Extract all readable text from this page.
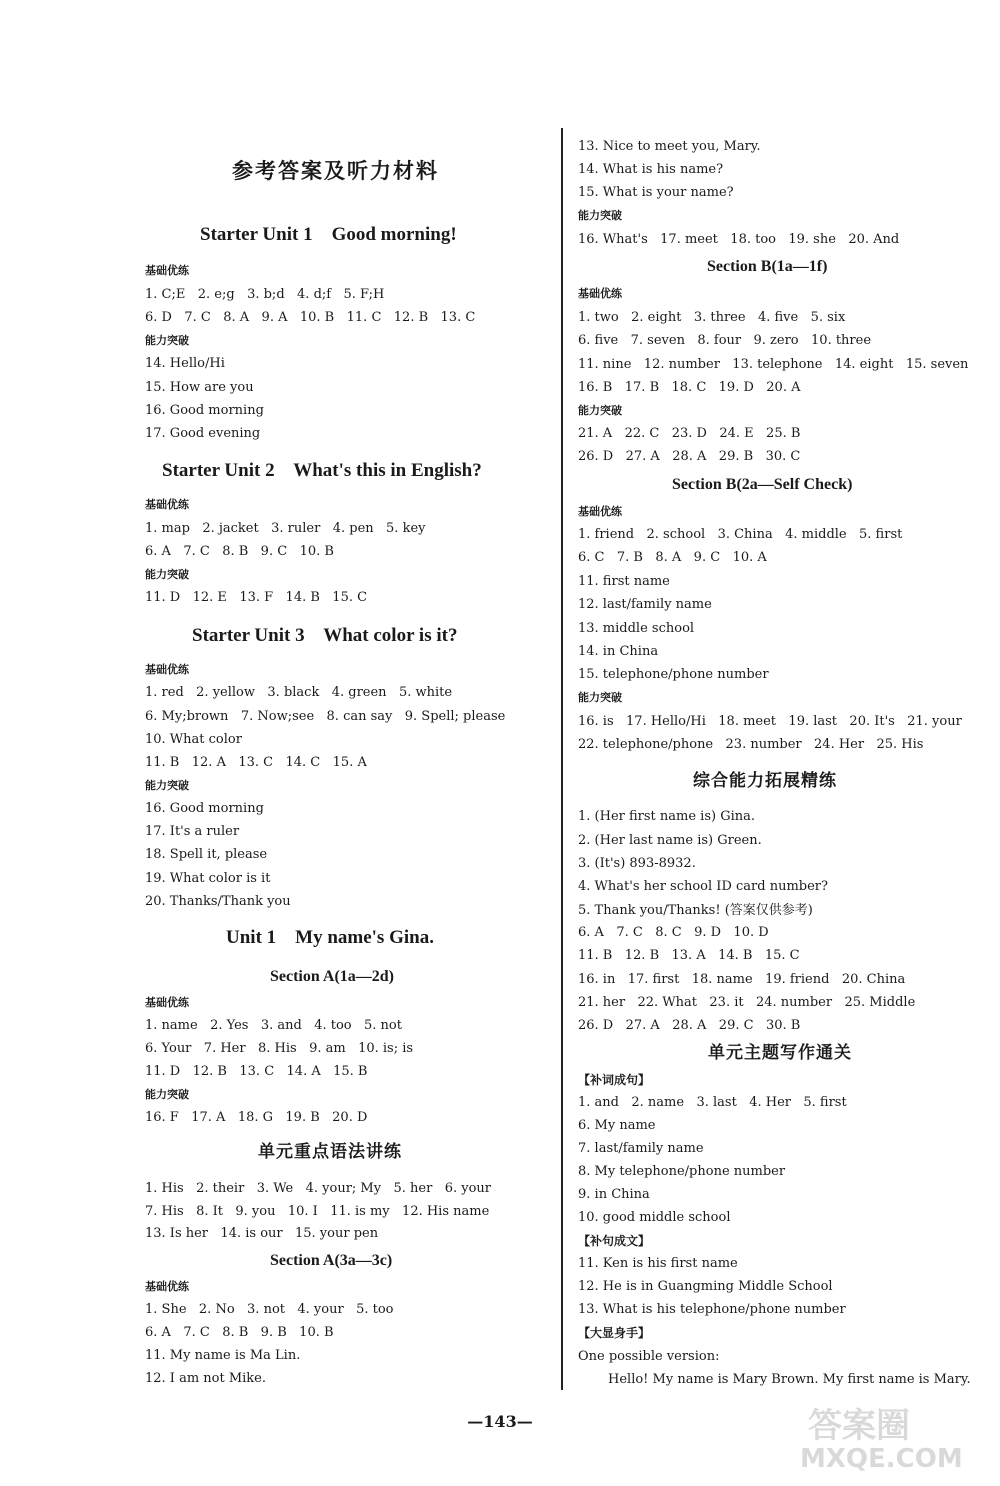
参考答案及听力材料
Starter Unit 1    Good morning!
基础优练
1. C;E   2. e;g   3. b;d   4. d;f   5. F;H
6. D   7. C   8. A   9. A   10. B   11. C   12. B   13. C
能力突破
14. Hello/Hi
15. How are you
16. Good morning
17. Good evening
Starter Unit 2    What's this in English?
基础优练
1. map   2. jacket   3. ruler   4. pen   5. key
6. A   7. C   8. B   9. C   10. B
能力突破
11. D   12. E   13. F   14. B   15. C
Starter Unit 3    What color is it?
基础优练
1. red   2. yellow   3. black   4. green   5. white
6. My;brown   7. Now;see   8. can say   9. Spell; please
10. What color
11. B   12. A   13. C   14. C   15. A
能力突破
16. Good morning
17. It's a ruler
18. Spell it, please
19. What color is it
20. Thanks/Thank you
Unit 1    My name's Gina.
Section A(1a—2d)
基础优练
1. name   2. Yes   3. and   4. too   5. not
6. Your   7. Her   8. His   9. am   10. is; is
11. D   12. B   13. C   14. A   15. B
能力突破
16. F   17. A   18. G   19. B   20. D
单元重点语法讲练
1. His   2. their   3. We   4. your; My   5. her   6. your
7. His   8. It   9. you   10. I   11. is my   12. His name
13. Is her   14. is our   15. your pen
Section A(3a—3c)
基础优练
1. She   2. No   3. not   4. your   5. too
6. A   7. C   8. B   9. B   10. B
11. My name is Ma Lin.
12. I am not Mike.
13. Nice to meet you, Mary.
14. What is his name?
15. What is your name?
能力突破
16. What's   17. meet   18. too   19. she   20. And
Section B(1a—1f)
基础优练
1. two   2. eight   3. three   4. five   5. six
6. five   7. seven   8. four   9. zero   10. three
11. nine   12. number   13. telephone   14. eight   15. seven
16. B   17. B   18. C   19. D   20. A
能力突破
21. A   22. C   23. D   24. E   25. B
26. D   27. A   28. A   29. B   30. C
Section B(2a—Self Check)
基础优练
1. friend   2. school   3. China   4. middle   5. first
6. C   7. B   8. A   9. C   10. A
11. first name
12. last/family name
13. middle school
14. in China
15. telephone/phone number
能力突破
16. is   17. Hello/Hi   18. meet   19. last   20. It's   21. your
22. telephone/phone   23. number   24. Her   25. His
综合能力拓展精练
1. (Her first name is) Gina.
2. (Her last name is) Green.
3. (It's) 893-8932.
4. What's her school ID card number?
5. Thank you/Thanks! (答案仅供参考)
6. A   7. C   8. C   9. D   10. D
11. B   12. B   13. A   14. B   15. C
16. in   17. first   18. name   19. friend   20. China
21. her   22. What   23. it   24. number   25. Middle
26. D   27. A   28. A   29. C   30. B
单元主题写作通关
【补词成句】
1. and   2. name   3. last   4. Her   5. first
6. My name
7. last/family name
8. My telephone/phone number
9. in China
10. good middle school
【补句成文】
11. Ken is his first name
12. He is in Guangming Middle School
13. What is his telephone/phone number
【大显身手】
One possible version:
Hello! My name is Mary Brown. My first name is Mary.
—143—	答案圈
MXQE.COM
